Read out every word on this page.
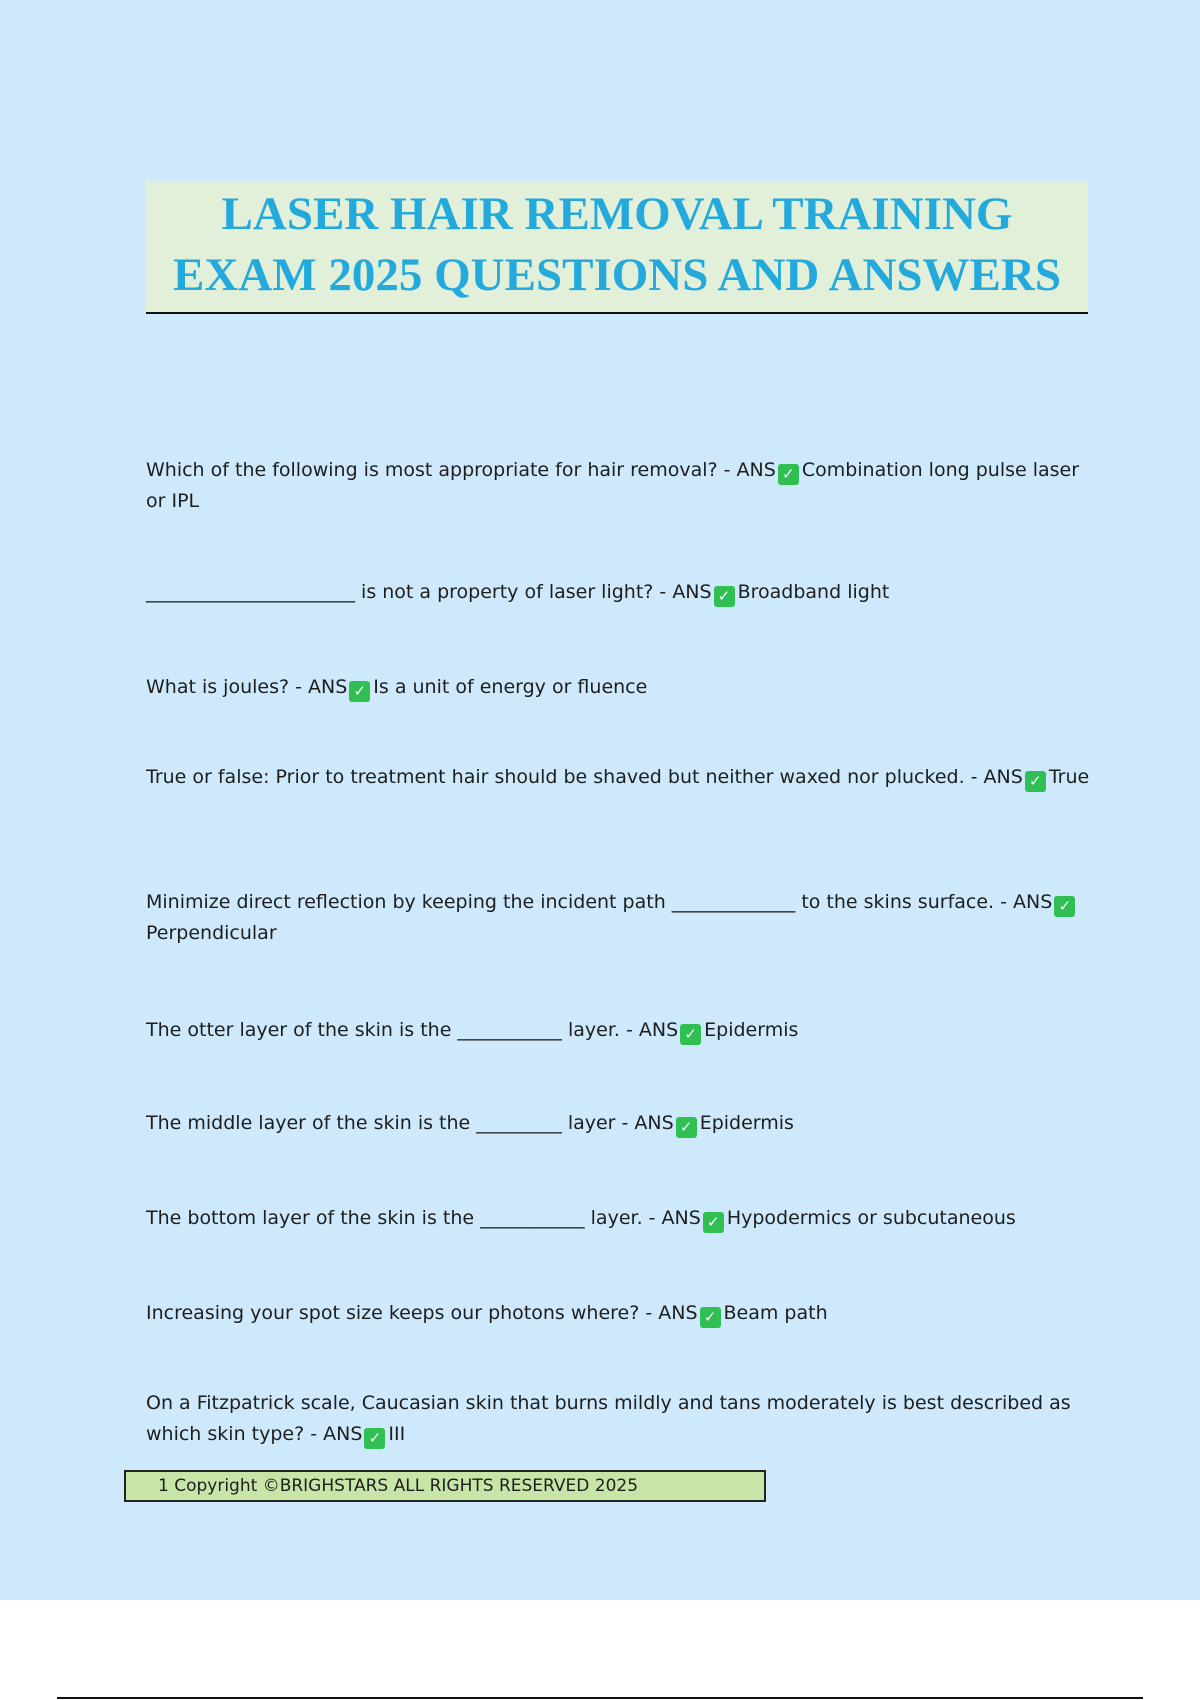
LASER HAIR REMOVAL TRAINING
EXAM 2025 QUESTIONS AND ANSWERS
Which of the following is most appropriate for hair removal? - ANS ✓ Combination long pulse laser or IPL
______________________ is not a property of laser light? - ANS ✓ Broadband light
What is joules? - ANS ✓ Is a unit of energy or fluence
True or false: Prior to treatment hair should be shaved but neither waxed nor plucked. - ANS ✓ True
Minimize direct reflection by keeping the incident path _____________ to the skins surface. - ANS ✓Perpendicular
The otter layer of the skin is the ___________ layer. - ANS ✓ Epidermis
The middle layer of the skin is the _________ layer - ANS ✓ Epidermis
The bottom layer of the skin is the ___________ layer. - ANS ✓ Hypodermics or subcutaneous
Increasing your spot size keeps our photons where? - ANS ✓ Beam path
On a Fitzpatrick scale, Caucasian skin that burns mildly and tans moderately is best described as which skin type? - ANS ✓ III
1 Copyright ©BRIGHSTARS ALL RIGHTS RESERVED 2025
